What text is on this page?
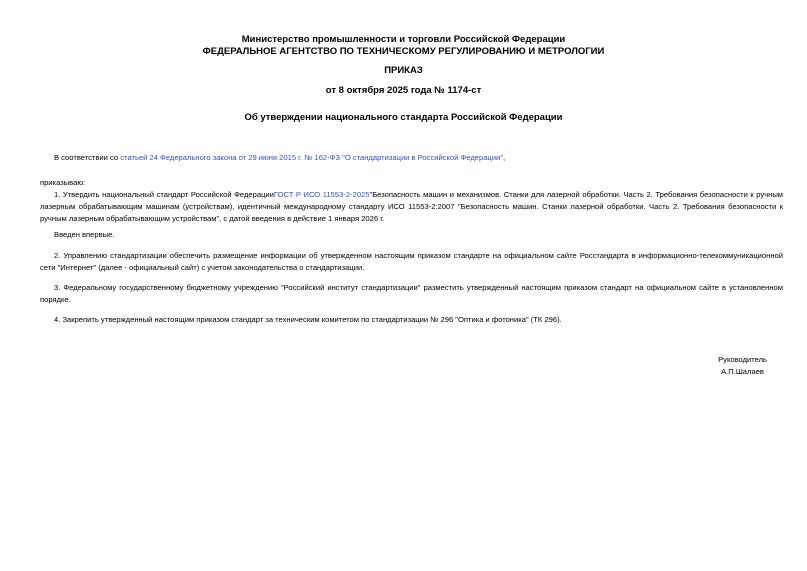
Министерство промышленности и торговли Российской Федерации
ФЕДЕРАЛЬНОЕ АГЕНТСТВО ПО ТЕХНИЧЕСКОМУ РЕГУЛИРОВАНИЮ И МЕТРОЛОГИИ
ПРИКАЗ
от 8 октября 2025 года № 1174-ст
Об утверждении национального стандарта Российской Федерации

В соответствии со статьей 24 Федерального закона от 29 июня 2015 г. № 162-ФЗ "О стандартизации в Российской Федерации",

приказываю:

1. Утвердить национальный стандарт Российской ФедерацииГОСТ Р ИСО 11553-2-2025"Безопасность машин и механизмов. Станки для лазерной обработки. Часть 2. Требования безопасности к ручным лазерным обрабатывающим машинам (устройствам), идентичный международному стандарту ИСО 11553-2:2007 "Безопасность машин. Станки лазерной обработки. Часть 2. Требования безопасности к ручным лазерным обрабатывающим устройствам", с датой введения в действие 1 января 2026 г.

Введен впервые.

2. Управлению стандартизации обеспечить размещение информации об утвержденном настоящим приказом стандарте на официальном сайте Росстандарта в информационно-телекоммуникационной сети "Интернет" (далее - официальный сайт) с учетом законодательства о стандартизации.

3. Федеральному государственному бюджетному учреждению "Российский институт стандартизации" разместить утвержденный настоящим приказом стандарт на официальном сайте в установленном порядке.

4. Закрепить утвержденный настоящим приказом стандарт за техническим комитетом по стандартизации № 296 "Оптика и фотоника" (ТК 296).

Руководитель
А.П.Шалаев
